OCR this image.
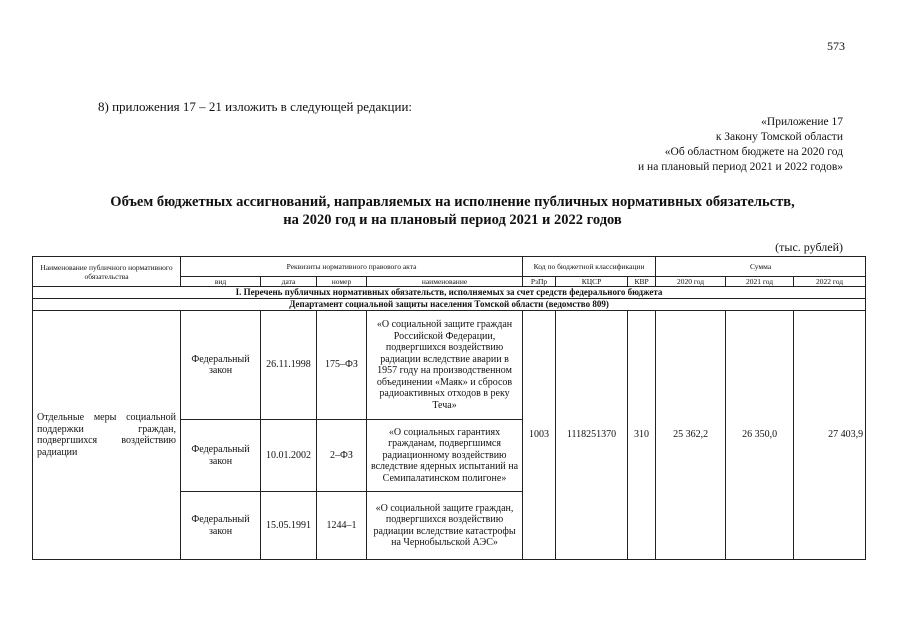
573
8) приложения 17 – 21 изложить в следующей редакции:
«Приложение 17
к Закону Томской области
«Об областном бюджете на 2020 год
и на плановый период 2021 и 2022 годов»
Объем бюджетных ассигнований, направляемых на исполнение публичных нормативных обязательств,
на 2020 год и на плановый период 2021 и 2022 годов
(тыс. рублей)
Наименование публичного нормативного обязательства	Реквизиты нормативного правового акта				Код по бюджетной классификации			Сумма		
	вид	дата	номер	наименование	РзПр	КЦСР	КВР	2020 год	2021 год	2022 год
I. Перечень публичных нормативных обязательств, исполняемых за счет средств федерального бюджета										
Департамент социальной защиты населения Томской области (ведомство 809)										
Отдельные меры социальной поддержки граждан, подвергшихся воздействию радиации	Федеральный закон	26.11.1998	175–ФЗ	«О социальной защите граждан Российской Федерации, подвергшихся воздействию радиации вследствие аварии в 1957 году на производственном объединении «Маяк» и сбросов радиоактивных отходов в реку Теча»	1003	1118251370	310	25 362,2	26 350,0	27 403,9
	Федеральный закон	10.01.2002	2–ФЗ	«О социальных гарантиях гражданам, подвергшимся радиационному воздействию вследствие ядерных испытаний на Семипалатинском полигоне»						
	Федеральный закон	15.05.1991	1244–1	«О социальной защите граждан, подвергшихся воздействию радиации вследствие катастрофы на Чернобыльской АЭС»						
